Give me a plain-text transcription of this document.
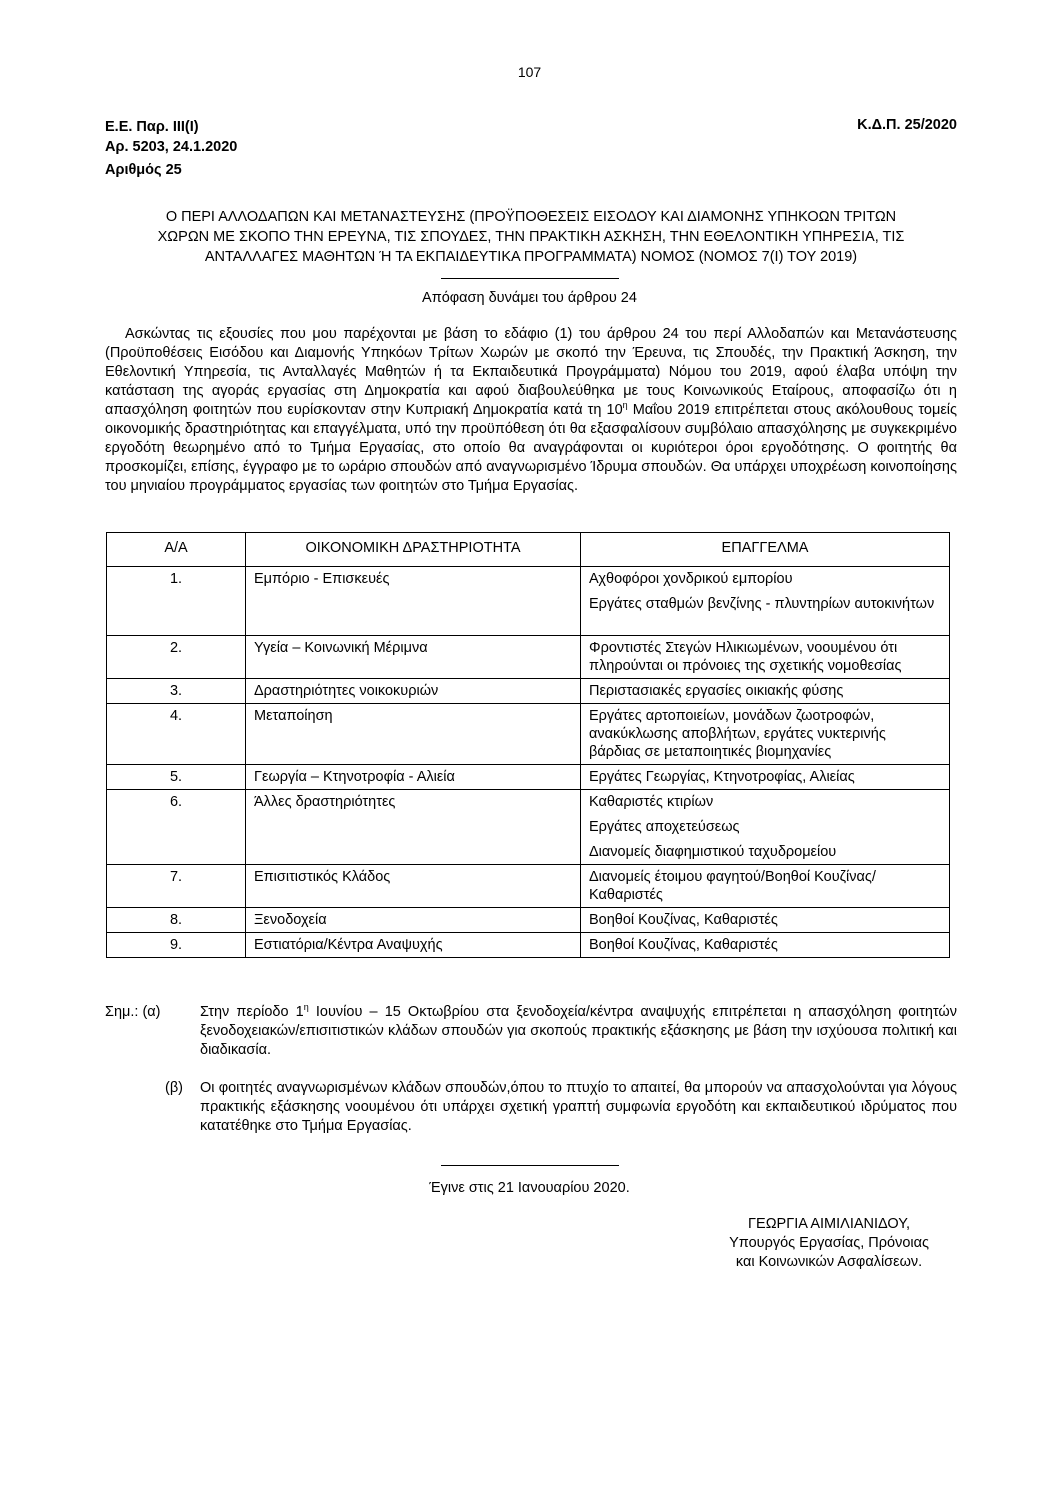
107
Ε.Ε. Παρ. ΙΙΙ(Ι)
Αρ. 5203, 24.1.2020
Κ.Δ.Π. 25/2020
Αριθμός 25
Ο ΠΕΡΙ ΑΛΛΟΔΑΠΩΝ ΚΑΙ ΜΕΤΑΝΑΣΤΕΥΣΗΣ (ΠΡΟΫΠΟΘΕΣΕΙΣ ΕΙΣΟΔΟΥ ΚΑΙ ΔΙΑΜΟΝΗΣ ΥΠΗΚΟΩΝ ΤΡΙΤΩΝ
ΧΩΡΩΝ ΜΕ ΣΚΟΠΟ ΤΗΝ ΕΡΕΥΝΑ, ΤΙΣ ΣΠΟΥΔΕΣ, ΤΗΝ ΠΡΑΚΤΙΚΗ ΑΣΚΗΣΗ, ΤΗΝ ΕΘΕΛΟΝΤΙΚΗ ΥΠΗΡΕΣΙΑ, ΤΙΣ
ΑΝΤΑΛΛΑΓΕΣ ΜΑΘΗΤΩΝ Ή ΤΑ ΕΚΠΑΙΔΕΥΤΙΚΑ ΠΡΟΓΡΑΜΜΑΤΑ) ΝΟΜΟΣ (ΝΟΜΟΣ 7(Ι) ΤΟΥ 2019)
Απόφαση δυνάμει του άρθρου 24
Ασκώντας τις εξουσίες που μου παρέχονται με βάση το εδάφιο (1) του άρθρου 24 του περί Αλλοδαπών και Μετανάστευσης (Προϋποθέσεις Εισόδου και Διαμονής Υπηκόων Τρίτων Χωρών με σκοπό την Έρευνα, τις Σπουδές, την Πρακτική Άσκηση, την Εθελοντική Υπηρεσία, τις Ανταλλαγές Μαθητών ή τα Εκπαιδευτικά Προγράμματα) Νόμου του 2019, αφού έλαβα υπόψη την κατάσταση της αγοράς εργασίας στη Δημοκρατία και αφού διαβουλεύθηκα με τους Κοινωνικούς Εταίρους, αποφασίζω ότι η απασχόληση φοιτητών που ευρίσκονταν στην Κυπριακή Δημοκρατία κατά τη $10^\eta$ Μαΐου 2019 επιτρέπεται στους ακόλουθους τομείς οικονομικής δραστηριότητας και επαγγέλματα, υπό την προϋπόθεση ότι θα εξασφαλίσουν συμβόλαιο απασχόλησης με συγκεκριμένο εργοδότη θεωρημένο από το Τμήμα Εργασίας, στο οποίο θα αναγράφονται οι κυριότεροι όροι εργοδότησης. Ο φοιτητής θα προσκομίζει, επίσης, έγγραφο με το ωράριο σπουδών από αναγνωρισμένο Ίδρυμα σπουδών. Θα υπάρχει υποχρέωση κοινοποίησης του μηνιαίου προγράμματος εργασίας των φοιτητών στο Τμήμα Εργασίας.
Α/Α	ΟΙΚΟΝΟΜΙΚΗ ΔΡΑΣΤΗΡΙΟΤΗΤΑ	ΕΠΑΓΓΕΛΜΑ
1.	Εμπόριο - Επισκευές	Αχθοφόροι χονδρικού εμπορίου
Εργάτες σταθμών βενζίνης - πλυντηρίων αυτοκινήτων

2.	Υγεία – Κοινωνική Μέριμνα	Φροντιστές Στεγών Ηλικιωμένων, νοουμένου ότι πληρούνται οι πρόνοιες της σχετικής νομοθεσίας

3.	Δραστηριότητες νοικοκυριών	Περιστασιακές εργασίες οικιακής φύσης

4.	Μεταποίηση	Εργάτες αρτοποιείων, μονάδων ζωοτροφών, ανακύκλωσης αποβλήτων, εργάτες νυκτερινής βάρδιας σε μεταποιητικές βιομηχανίες

5.	Γεωργία – Κτηνοτροφία - Αλιεία	Εργάτες Γεωργίας, Κτηνοτροφίας, Αλιείας

6.	Άλλες δραστηριότητες	Καθαριστές κτιρίων
Εργάτες αποχετεύσεως
Διανομείς διαφημιστικού ταχυδρομείου

7.	Επισιτιστικός Κλάδος	Διανομείς έτοιμου φαγητού/Βοηθοί Κουζίνας/Καθαριστές

8.	Ξενοδοχεία	Βοηθοί Κουζίνας, Καθαριστές

9.	Εστιατόρια/Κέντρα Αναψυχής	Βοηθοί Κουζίνας, Καθαριστές
Σημ.: (α)	Στην περίοδο $1^\eta$ Ιουνίου – 15 Οκτωβρίου στα ξενοδοχεία/κέντρα αναψυχής επιτρέπεται η απασχόληση φοιτητών ξενοδοχειακών/επισιτιστικών κλάδων σπουδών για σκοπούς πρακτικής εξάσκησης με βάση την ισχύουσα πολιτική και διαδικασία.
(β)	Οι φοιτητές αναγνωρισμένων κλάδων σπουδών,όπου το πτυχίο το απαιτεί, θα μπορούν να απασχολούνται για λόγους πρακτικής εξάσκησης νοουμένου ότι υπάρχει σχετική γραπτή συμφωνία εργοδότη και εκπαιδευτικού ιδρύματος που κατατέθηκε στο Τμήμα Εργασίας.
Έγινε στις 21 Ιανουαρίου 2020.
ΓΕΩΡΓΙΑ ΑΙΜΙΛΙΑΝΙΔΟΥ,
Υπουργός Εργασίας, Πρόνοιας
και Κοινωνικών Ασφαλίσεων.
